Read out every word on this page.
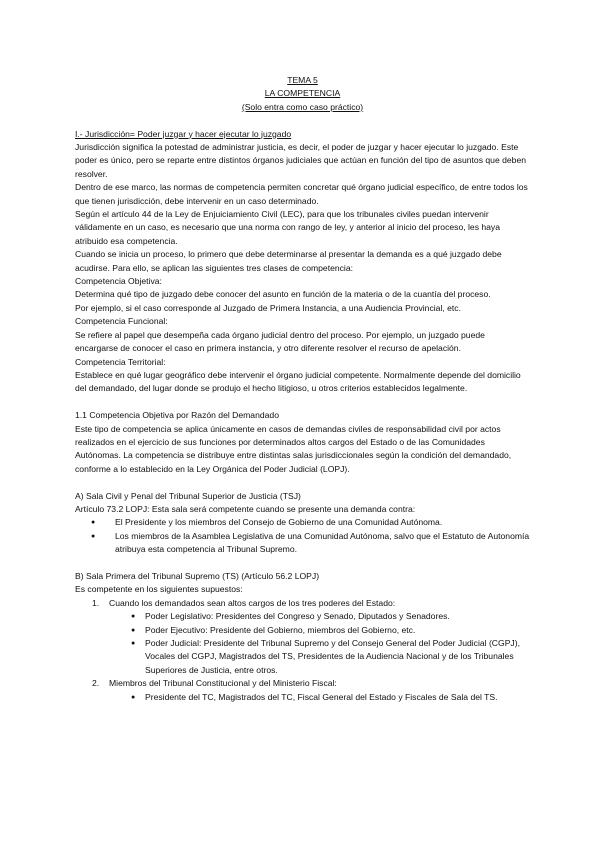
TEMA 5

LA COMPETENCIA

(Solo entra como caso práctico)

I.- Jurisdicción= Poder juzgar y hacer ejecutar lo juzgado

Jurisdicción significa la potestad de administrar justicia, es decir, el poder de juzgar y hacer ejecutar lo juzgado. Este poder es único, pero se reparte entre distintos órganos judiciales que actúan en función del tipo de asuntos que deben resolver.

Dentro de ese marco, las normas de competencia permiten concretar qué órgano judicial específico, de entre todos los que tienen jurisdicción, debe intervenir en un caso determinado.

Según el artículo 44 de la Ley de Enjuiciamiento Civil (LEC), para que los tribunales civiles puedan intervenir válidamente en un caso, es necesario que una norma con rango de ley, y anterior al inicio del proceso, les haya atribuido esa competencia.

Cuando se inicia un proceso, lo primero que debe determinarse al presentar la demanda es a qué juzgado debe acudirse. Para ello, se aplican las siguientes tres clases de competencia:

Competencia Objetiva:

Determina qué tipo de juzgado debe conocer del asunto en función de la materia o de la cuantía del proceso.

Por ejemplo, si el caso corresponde al Juzgado de Primera Instancia, a una Audiencia Provincial, etc.

Competencia Funcional:

Se refiere al papel que desempeña cada órgano judicial dentro del proceso. Por ejemplo, un juzgado puede encargarse de conocer el caso en primera instancia, y otro diferente resolver el recurso de apelación.

Competencia Territorial:

Establece en qué lugar geográfico debe intervenir el órgano judicial competente. Normalmente depende del domicilio del demandado, del lugar donde se produjo el hecho litigioso, u otros criterios establecidos legalmente.

1.1 Competencia Objetiva por Razón del Demandado

Este tipo de competencia se aplica únicamente en casos de demandas civiles de responsabilidad civil por actos realizados en el ejercicio de sus funciones por determinados altos cargos del Estado o de las Comunidades Autónomas. La competencia se distribuye entre distintas salas jurisdiccionales según la condición del demandado, conforme a lo establecido en la Ley Orgánica del Poder Judicial (LOPJ).

A) Sala Civil y Penal del Tribunal Superior de Justicia (TSJ)

Artículo 73.2 LOPJ: Esta sala será competente cuando se presente una demanda contra:

● El Presidente y los miembros del Consejo de Gobierno de una Comunidad Autónoma.
● Los miembros de la Asamblea Legislativa de una Comunidad Autónoma, salvo que el Estatuto de Autonomía atribuya esta competencia al Tribunal Supremo.

B) Sala Primera del Tribunal Supremo (TS) (Artículo 56.2 LOPJ)

Es competente en los siguientes supuestos:

1. Cuando los demandados sean altos cargos de los tres poderes del Estado:
● Poder Legislativo: Presidentes del Congreso y Senado, Diputados y Senadores.
● Poder Ejecutivo: Presidente del Gobierno, miembros del Gobierno, etc.
● Poder Judicial: Presidente del Tribunal Supremo y del Consejo General del Poder Judicial (CGPJ), Vocales del CGPJ, Magistrados del TS, Presidentes de la Audiencia Nacional y de los Tribunales Superiores de Justicia, entre otros.
2. Miembros del Tribunal Constitucional y del Ministerio Fiscal:
● Presidente del TC, Magistrados del TC, Fiscal General del Estado y Fiscales de Sala del TS.
